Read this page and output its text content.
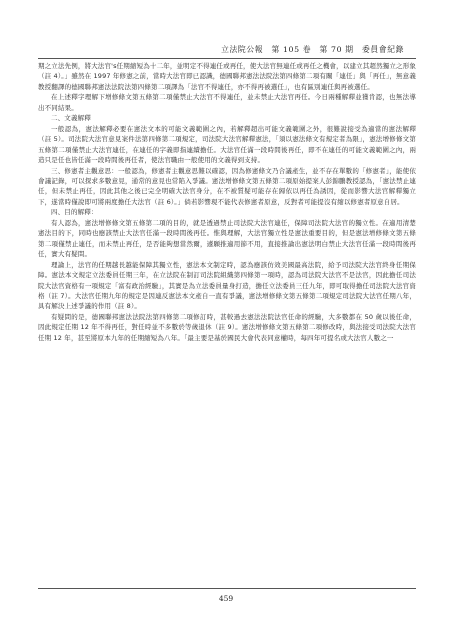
立法院公報　第 105 卷　第 70 期　委員會紀錄

期之立法先例，將大法官's任期縮短為十二年，並明定不得連任或再任，使大法官無連任或再任之機會，以建立其超然獨立之形象（註 4）。」雖然在 1997 年修憲之前，當時大法官即已認識，德國聯邦憲法法院法第四條第二項有關「連任」與「再任」，無意義教授翻譯的德國聯邦憲法法院法第四條第二項譯為「法官不得連任，亦不得再被選任」，也有區別連任與再被選任。

在上述釋字理解下增修條文第五條第二項僅禁止大法官不得連任，並未禁止大法官再任。今日兩種解釋並獲肯認，也無法導出不同結果。

二、文義解釋

一般認為，憲法解釋必要在憲法文本的可能文義範圍之內，若解釋超出可能文義範圍之外，很難說接受為適當的憲法解釋（註 5）。司法院大法官意見案件法第四條第二項規定，司法院大法官解釋憲法，「須以憲法條文有規定者為限」，憲法增修條文第五條第二項僅禁止大法官連任，在連任的字義即指連續擔任。大法官任滿一段時間後再任，即不在連任的可能文義範圍之內，兩造只是任也皆任滿一段時間後再任者，使法官職由一般使用的文義得到支持。

三、修憲者主觀意思：一般認為，修憲者主觀意思難以確認，因為修憲條文乃合議產生，並不存在單數的「修憲者」，能使依會議記錄，可以探求多數意見，通常的意見也常陷入爭議。憲法增修條文第五條第二項原始提案人彭錦鵬教授認為，「憲法禁止連任，但未禁止再任，因此其他之後已完全明確大法官身分，在不被質疑可能存在歸依以再任為誘因，從而影響大法官解釋獨立下，遂當時僅說即可將兩度擔任大法官（註 6）。」倘若影響現不能代表修憲者原意，反對者可能提沒有縮以修憲者原意自居。

四、目的解釋：

有人認為，憲法增修條文第五條第二項的目的，就是透過禁止司法院大法官連任，保障司法院大法官的獨立性。在適用清楚憲法目的下，同時也應該禁止大法官任滿一段時間後再任。惟與理解，大法官獨立性是憲法重要目的，但是憲法增修條文第五條第二項僅禁止連任，而未禁止再任，是否能夠想當然爾，遽願推適用節不用，直接推論出憲法明白禁止大法官任滿一段時間後再任，實大有疑問。

理論上，法官的任期越長越能保障其獨立性，憲法本文制定時，認為應該仿效美國最高法院，給予司法院大法官終身任期保障。憲法本文規定立法委員任期三年，在立法院在制訂司法院組織第四條第一項時，認為司法院大法官不是法官，因此擔任司法院大法官資格有一項規定「富有政治經驗」，其實是為立法委員量身打造，擔任立法委員三任九年，即可取得擔任司法院大法官資格（註 7）。大法官任期九年的規定是因連反憲法本文產自一直有爭議，憲法增修條文第五條第二項規定司法院大法官任期八年，具有解決上述爭議的作用（註 8）。

有疑問的是，德國聯邦憲法法院法第四條第二項修訂時，甚較過去憲法法院法官任命的經驗，大多數都在 50 歲以後任命，因此規定任期 12 年不得再任，對任時並不多數於等歲退休（註 9）。憲法增修條文第五條第二項修改時，與法接受司法院大法官任期 12 年，甚至將原本九年的任期縮短為八年。「最主要是基於國民大會代表同意權時，每四年可提名或大法官人數之一

459
